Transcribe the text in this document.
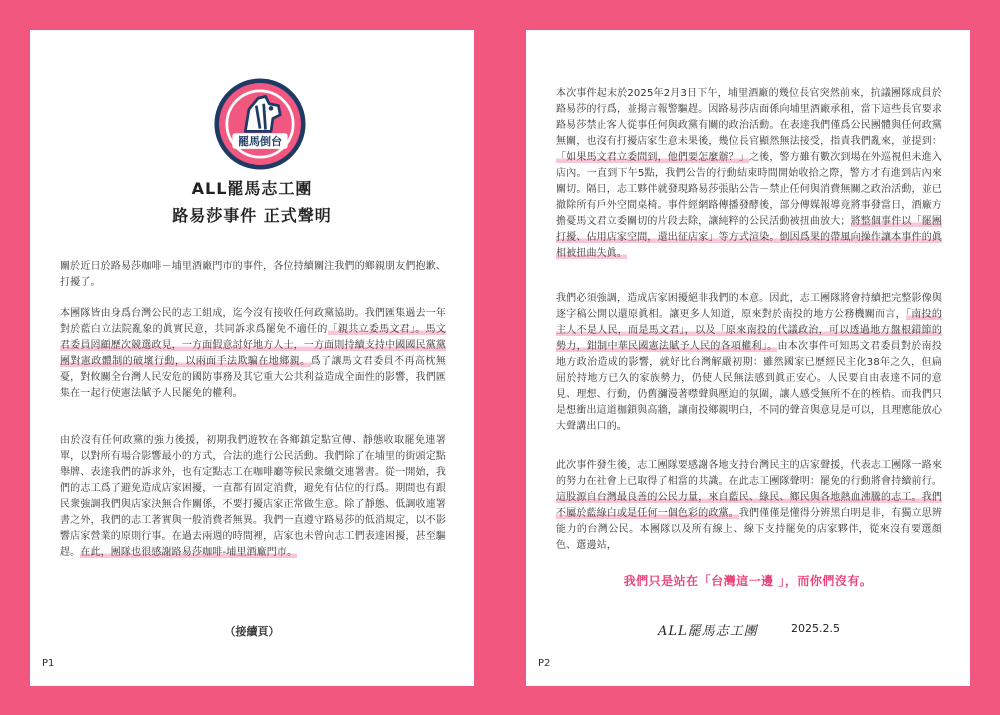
罷馬倒台
ALL罷馬志工團
路易莎事件 正式聲明

關於近日於路易莎咖啡－埔里酒廠門市的事件，各位持續關注我們的鄉親朋友們抱歉、打擾了。

本團隊皆由身爲台灣公民的志工組成，迄今沒有接收任何政黨協助。我們匯集過去一年對於藍白立法院亂象的眞實民意，共同訴求爲罷免不適任的「親共立委馬文君」。馬文君委員罔顧歷次競選政見，一方面假意討好地方人士，一方面則持續支持中國國民黨黨團對憲政體制的破壞行動，以兩面手法欺騙在地鄉親。爲了讓馬文君委員不再高枕無憂，對攸關全台灣人民安危的國防事務及其它重大公共利益造成全面性的影響，我們匯集在一起行使憲法賦予人民罷免的權利。

由於沒有任何政黨的強力後援，初期我們遊牧在各鄉鎮定點宣傳、靜態收取罷免連署單，以對所有場合影響最小的方式，合法的進行公民活動。我們除了在埔里的街頭定點舉牌、表達我們的訴求外，也有定點志工在咖啡廳等候民衆繳交連署書。從一開始，我們的志工爲了避免造成店家困擾，一直都有固定消費，避免有佔位的行爲。期間也有跟民衆強調我們與店家決無合作關係，不要打擾店家正常做生意。除了靜態、低調收連署書之外，我們的志工著實與一般消費者無異。我們一直遵守路易莎的低消規定，以不影響店家營業的原則行事。在過去兩週的時間裡，店家也未曾向志工們表達困擾，甚至驅趕。在此，團隊也很感謝路易莎咖啡-埔里酒廠門市。

（接續頁）
P1

本次事件起末於2025年2月3日下午，埔里酒廠的幾位長官突然前來，抗議團隊成員於路易莎的行爲，並揚言報警驅趕。因路易莎店面係向埔里酒廠承租，當下這些長官要求路易莎禁止客人從事任何與政黨有關的政治活動。在表達我們僅爲公民團體與任何政黨無關，也沒有打擾店家生意未果後，幾位長官顯然無法接受，指責我們亂來，並提到：「如果馬文君立委問到，他們要怎麼辦？」之後，警方雖有數次到場在外巡視但未進入店內。一直到下午5點，我們公告的行動結束時間開始收拾之際，警方才有進到店內來關切。隔日，志工夥伴就發現路易莎張貼公告－禁止任何與消費無關之政治活動，並已撤除所有戶外空間桌椅。事件經網路傳播發酵後，部分傳媒報導竟將事發當日，酒廠方擔憂馬文君立委關切的片段去除，讓純粹的公民活動被扭曲放大；將整個事件以「罷團打擾、佔用店家空間，還出征店家」等方式渲染。倒因爲果的帶風向操作讓本事件的眞相被扭曲失眞。

我們必須強調，造成店家困擾絕非我們的本意。因此，志工團隊將會持續把完整影像與逐字稿公開以還原眞相。讓更多人知道，原來對於南投的地方公務機關而言，「南投的主人不是人民，而是馬文君」，以及「原來南投的代議政治，可以透過地方盤根錯節的勢力，鉗制中華民國憲法賦予人民的各項權利」。由本次事件可知馬文君委員對於南投地方政治造成的影響，就好比台灣解嚴初期：雖然國家已歷經民主化38年之久，但扁屈於持地方已久的家族勢力，仍使人民無法感到眞正安心。人民要自由表達不同的意見、理想、行動，仍舊瀰漫著噤聲與壓迫的氛圍，讓人感受無所不在的桎梏。而我們只是想衝出這道枷鎖與高牆，讓南投鄉親明白，不同的聲音與意見是可以，且理應能放心大聲講出口的。

此次事件發生後，志工團隊要感謝各地支持台灣民主的店家聲援，代表志工團隊一路來的努力在社會上已取得了相當的共識。在此志工團隊聲明：罷免的行動將會持續前行。這股源自台灣最良善的公民力量，來自藍民、綠民、鄉民與各地熱血沸騰的志工。我們不屬於藍綠白或是任何一個色彩的政黨。我們僅僅是懂得分辨黑白明是非，有獨立思辨能力的台灣公民。本團隊以及所有線上、線下支持罷免的店家夥伴，從來沒有要選顏色、選邊站，

我們只是站在「台灣這一邊 」，而你們沒有。
ALL罷馬志工團	2025.2.5
P2
